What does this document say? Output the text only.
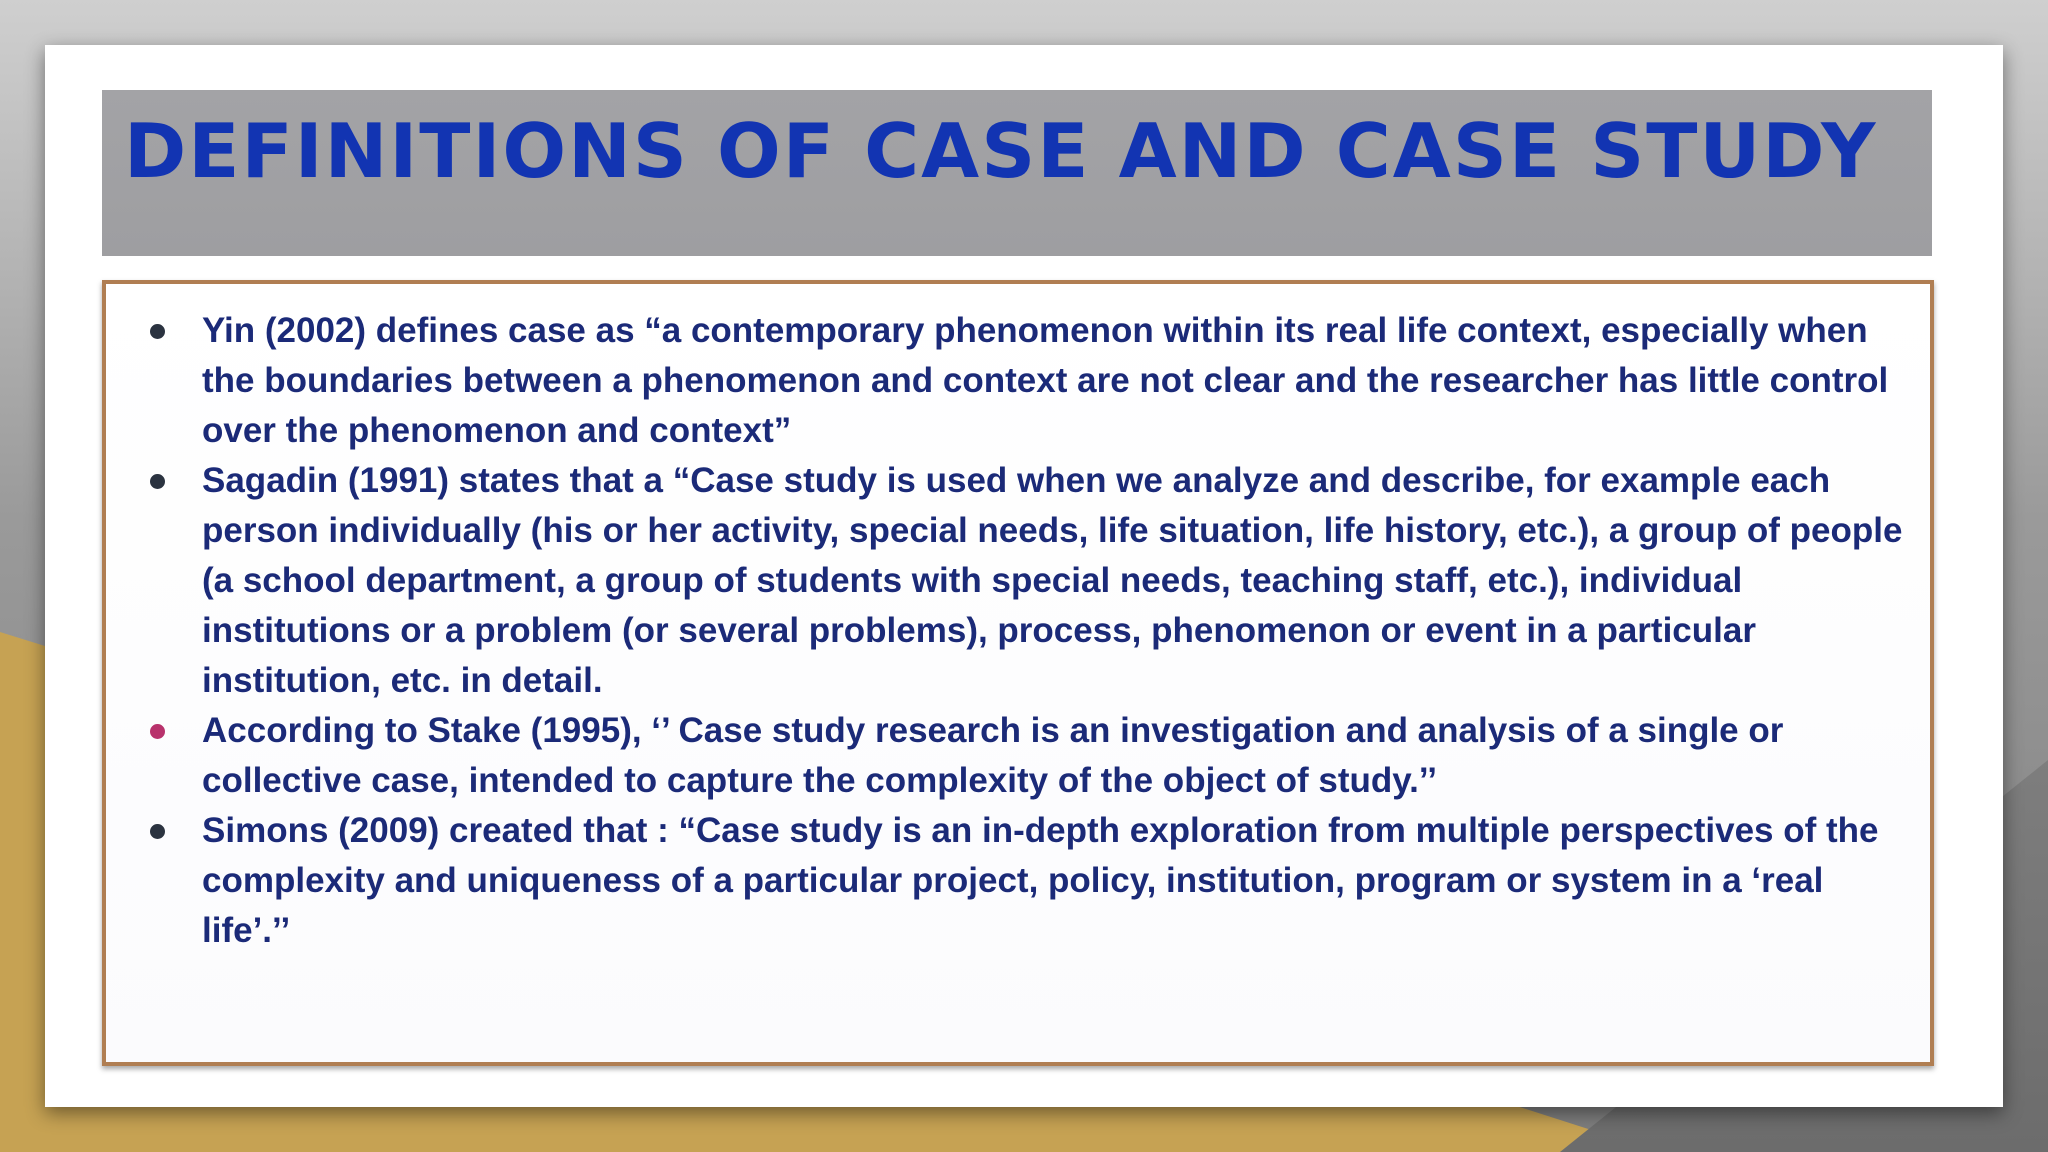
DEFINITIONS OF CASE AND CASE STUDY
Yin (2002) defines case as “a contemporary phenomenon within its real life context, especially when the boundaries between a phenomenon and context are not clear and the researcher has little control over the phenomenon and context”
Sagadin (1991) states that a “Case study is used when we analyze and describe, for example each person individually (his or her activity, special needs, life situation, life history, etc.), a group of people (a school department, a group of students with special needs, teaching staff, etc.), individual institutions or a problem (or several problems), process, phenomenon or event in a particular institution, etc. in detail.
According to Stake (1995), ‘’ Case study research is an investigation and analysis of a single or collective case, intended to capture the complexity of the object of study.’’
Simons (2009) created that : “Case study is an in-depth exploration from multiple perspectives of the complexity and uniqueness of a particular project, policy, institution, program or system in a ‘real life’.’’
